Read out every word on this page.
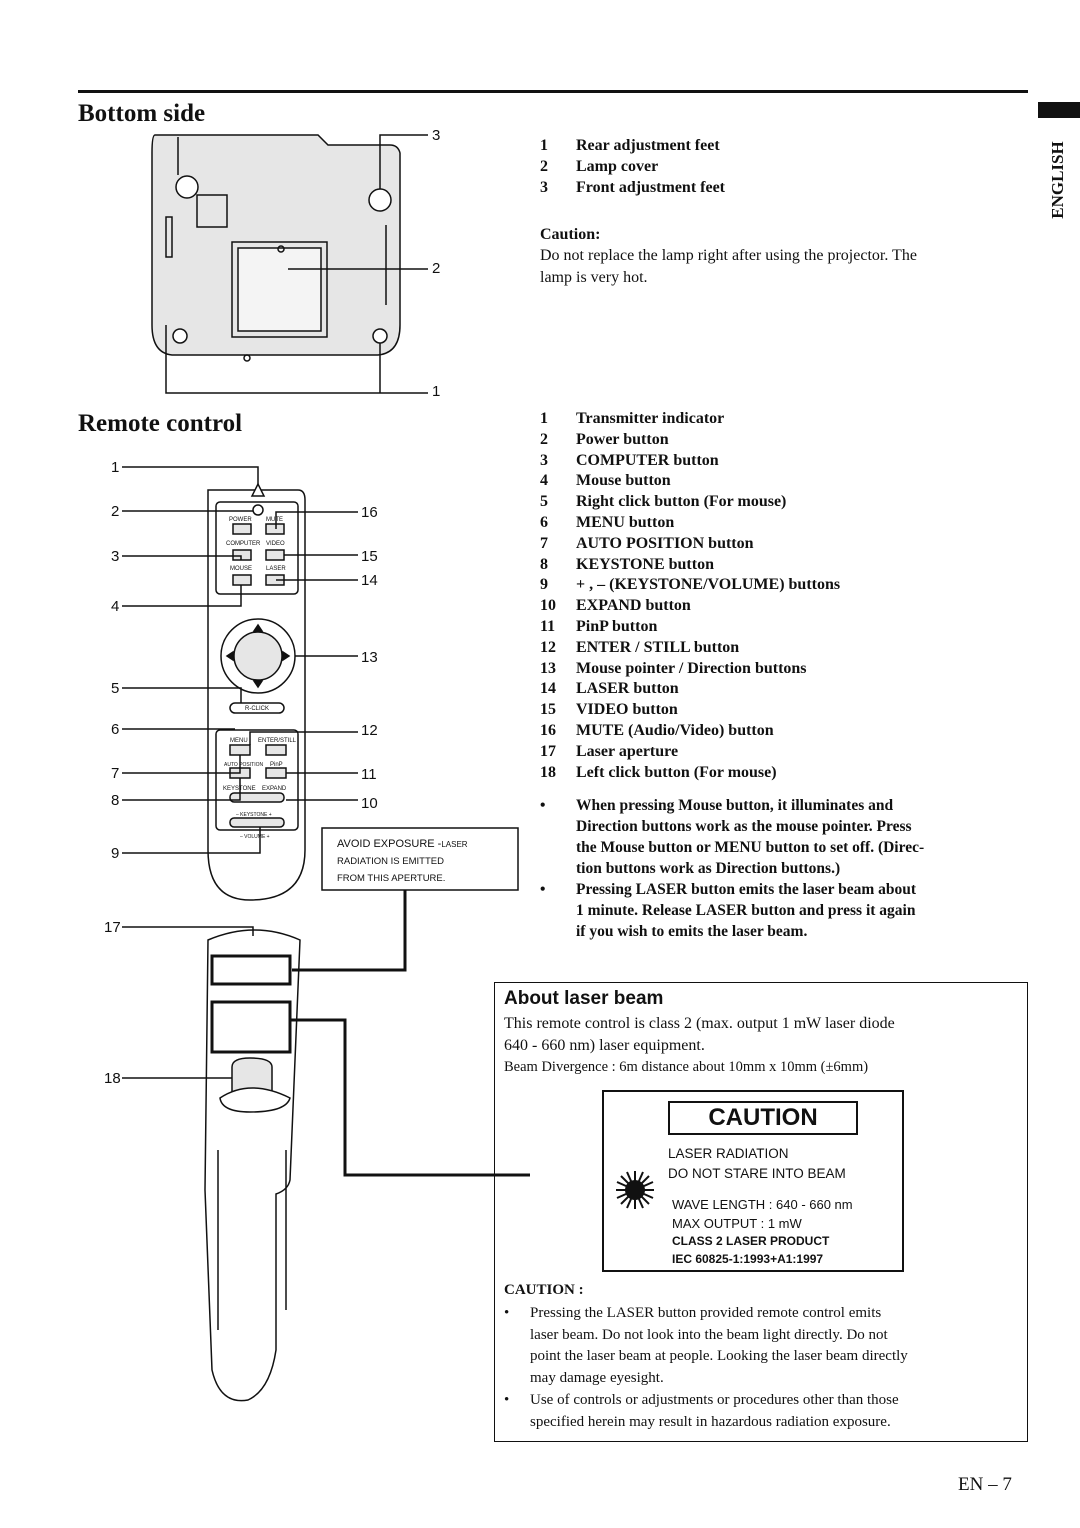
ENGLISH
Bottom side
3
2
1
1 Rear adjustment feet
2 Lamp cover
3 Front adjustment feet
Caution:
Do not replace the lamp right after using the projector. The
lamp is very hot.
Remote control
POWER MUTE
COMPUTER VIDEO
MOUSE LASER
R-CLICK
MENU ENTER/STILL
AUTO POSITION PinP
KEYSTONE EXPAND
– KEYSTONE +
– VOLUME +
AVOID EXPOSURE -LASER
RADIATION IS EMITTED
FROM THIS APERTURE.
1
2
3
4
5
6
7
8
9
17
18
16
15
14
13
12
11
10
1 Transmitter indicator
2 Power button
3 COMPUTER button
4 Mouse button
5 Right click button (For mouse)
6 MENU button
7 AUTO POSITION button
8 KEYSTONE button
9 + , – (KEYSTONE/VOLUME) buttons
10 EXPAND button
11 PinP button
12 ENTER / STILL button
13 Mouse pointer / Direction buttons
14 LASER button
15 VIDEO button
16 MUTE (Audio/Video) button
17 Laser aperture
18 Left click button (For mouse)
• When pressing Mouse button, it illuminates and
Direction buttons work as the mouse pointer. Press
the Mouse button or MENU button to set off. (Direc-
tion buttons work as Direction buttons.)
• Pressing LASER button emits the laser beam about
1 minute. Release LASER button and press it again
if you wish to emits the laser beam.
About laser beam
This remote control is class 2 (max. output 1 mW laser diode
640 - 660 nm) laser equipment.
Beam Divergence : 6m distance about 10mm x 10mm (±6mm)
CAUTION
LASER RADIATION
DO NOT STARE INTO BEAM
WAVE LENGTH : 640 - 660 nm
MAX OUTPUT : 1 mW
CLASS 2 LASER PRODUCT
IEC 60825-1:1993+A1:1997
CAUTION :
• Pressing the LASER button provided remote control emits
laser beam. Do not look into the beam light directly. Do not
point the laser beam at people. Looking the laser beam directly
may damage eyesight.
• Use of controls or adjustments or procedures other than those
specified herein may result in hazardous radiation exposure.
EN – 7
